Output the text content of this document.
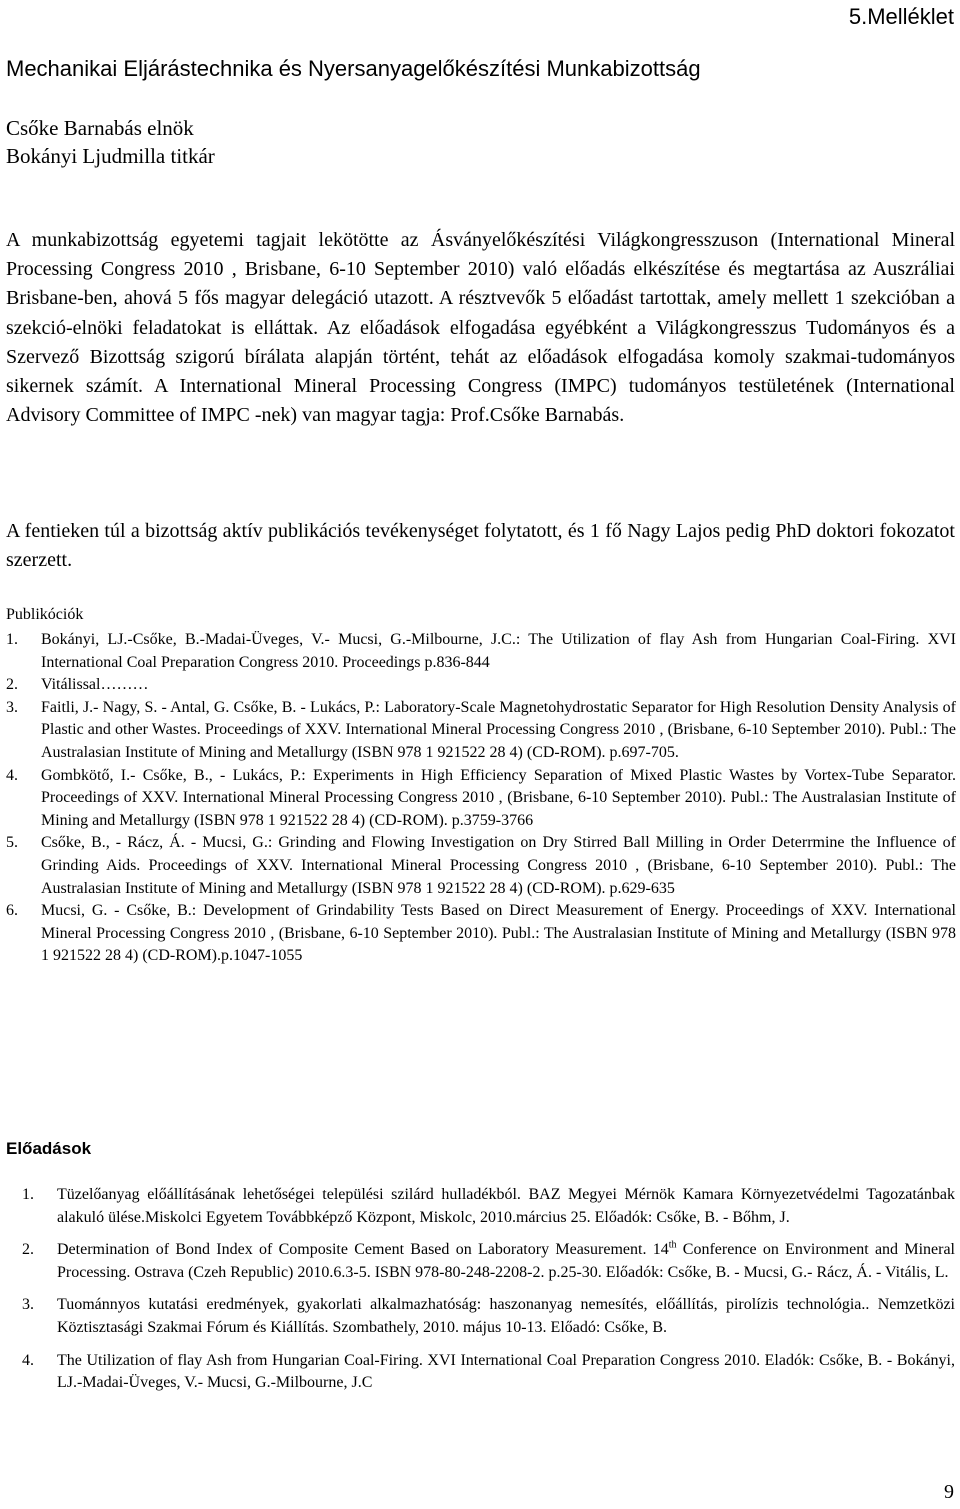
5.Melléklet
Mechanikai Eljárástechnika és Nyersanyagelőkészítési Munkabizottság
Csőke Barnabás elnök
Bokányi Ljudmilla titkár

A munkabizottság egyetemi tagjait lekötötte az Ásványelőkészítési Világkongresszuson (International Mineral Processing Congress 2010 , Brisbane, 6-10 September 2010) való előadás elkészítése és megtartása az Auszráliai Brisbane-ben, ahová 5 fős magyar delegáció utazott. A résztvevők 5 előadást tartottak, amely mellett 1 szekcióban a szekció-elnöki feladatokat is elláttak. Az előadások elfogadása egyébként a Világkongresszus Tudományos és a Szervező Bizottság szigorú bírálata alapján történt, tehát az előadások elfogadása komoly szakmai-tudományos sikernek számít. A International Mineral Processing Congress (IMPC) tudományos testületének (International Advisory Committee of IMPC -nek) van magyar tagja: Prof.Csőke Barnabás.

A fentieken túl a bizottság aktív publikációs tevékenységet folytatott, és 1 fő Nagy Lajos pedig PhD doktori fokozatot szerzett.

Publikóciók
1. Bokányi, LJ.-Csőke, B.-Madai-Üveges, V.- Mucsi, G.-Milbourne, J.C.: The Utilization of flay Ash from Hungarian Coal-Firing. XVI International Coal Preparation Congress 2010. Proceedings p.836-844
2. Vitálissal………
3. Faitli, J.- Nagy, S. - Antal, G. Csőke, B. - Lukács, P.: Laboratory-Scale Magnetohydrostatic Separator for High Resolution Density Analysis of Plastic and other Wastes. Proceedings of XXV. International Mineral Processing Congress 2010 , (Brisbane, 6-10 September 2010). Publ.: The Australasian Institute of Mining and Metallurgy (ISBN 978 1 921522 28 4) (CD-ROM). p.697-705.
4. Gombkötő, I.- Csőke, B., - Lukács, P.: Experiments in High Efficiency Separation of Mixed Plastic Wastes by Vortex-Tube Separator. Proceedings of XXV. International Mineral Processing Congress 2010 , (Brisbane, 6-10 September 2010). Publ.: The Australasian Institute of Mining and Metallurgy (ISBN 978 1 921522 28 4) (CD-ROM). p.3759-3766
5. Csőke, B., - Rácz, Á. - Mucsi, G.: Grinding and Flowing Investigation on Dry Stirred Ball Milling in Order Deterrmine the Influence of Grinding Aids. Proceedings of XXV. International Mineral Processing Congress 2010 , (Brisbane, 6-10 September 2010). Publ.: The Australasian Institute of Mining and Metallurgy (ISBN 978 1 921522 28 4) (CD-ROM). p.629-635
6. Mucsi, G. - Csőke, B.: Development of Grindability Tests Based on Direct Measurement of Energy. Proceedings of XXV. International Mineral Processing Congress 2010 , (Brisbane, 6-10 September 2010). Publ.: The Australasian Institute of Mining and Metallurgy (ISBN 978 1 921522 28 4) (CD-ROM).p.1047-1055
Előadások
1. Tüzelőanyag előállításának lehetőségei települési szilárd hulladékból. BAZ Megyei Mérnök Kamara Környezetvédelmi Tagozatánbak alakuló ülése.Miskolci Egyetem Továbbképző Központ, Miskolc, 2010.március 25. Előadók: Csőke, B. - Bőhm, J.
2. Determination of Bond Index of Composite Cement Based on Laboratory Measurement. 14th Conference on Environment and Mineral Processing. Ostrava (Czeh Republic) 2010.6.3-5. ISBN 978-80-248-2208-2. p.25-30. Előadók: Csőke, B. - Mucsi, G.- Rácz, Á. - Vitális, L.
3. Tuománnyos kutatási eredmények, gyakorlati alkalmazhatóság: haszonanyag nemesítés, előállítás, pirolízis technológia.. Nemzetközi Köztisztasági Szakmai Fórum és Kiállítás. Szombathely, 2010. május 10-13. Előadó: Csőke, B.
4. The Utilization of flay Ash from Hungarian Coal-Firing. XVI International Coal Preparation Congress 2010. Eladók: Csőke, B. - Bokányi, LJ.-Madai-Üveges, V.- Mucsi, G.-Milbourne, J.C
9
